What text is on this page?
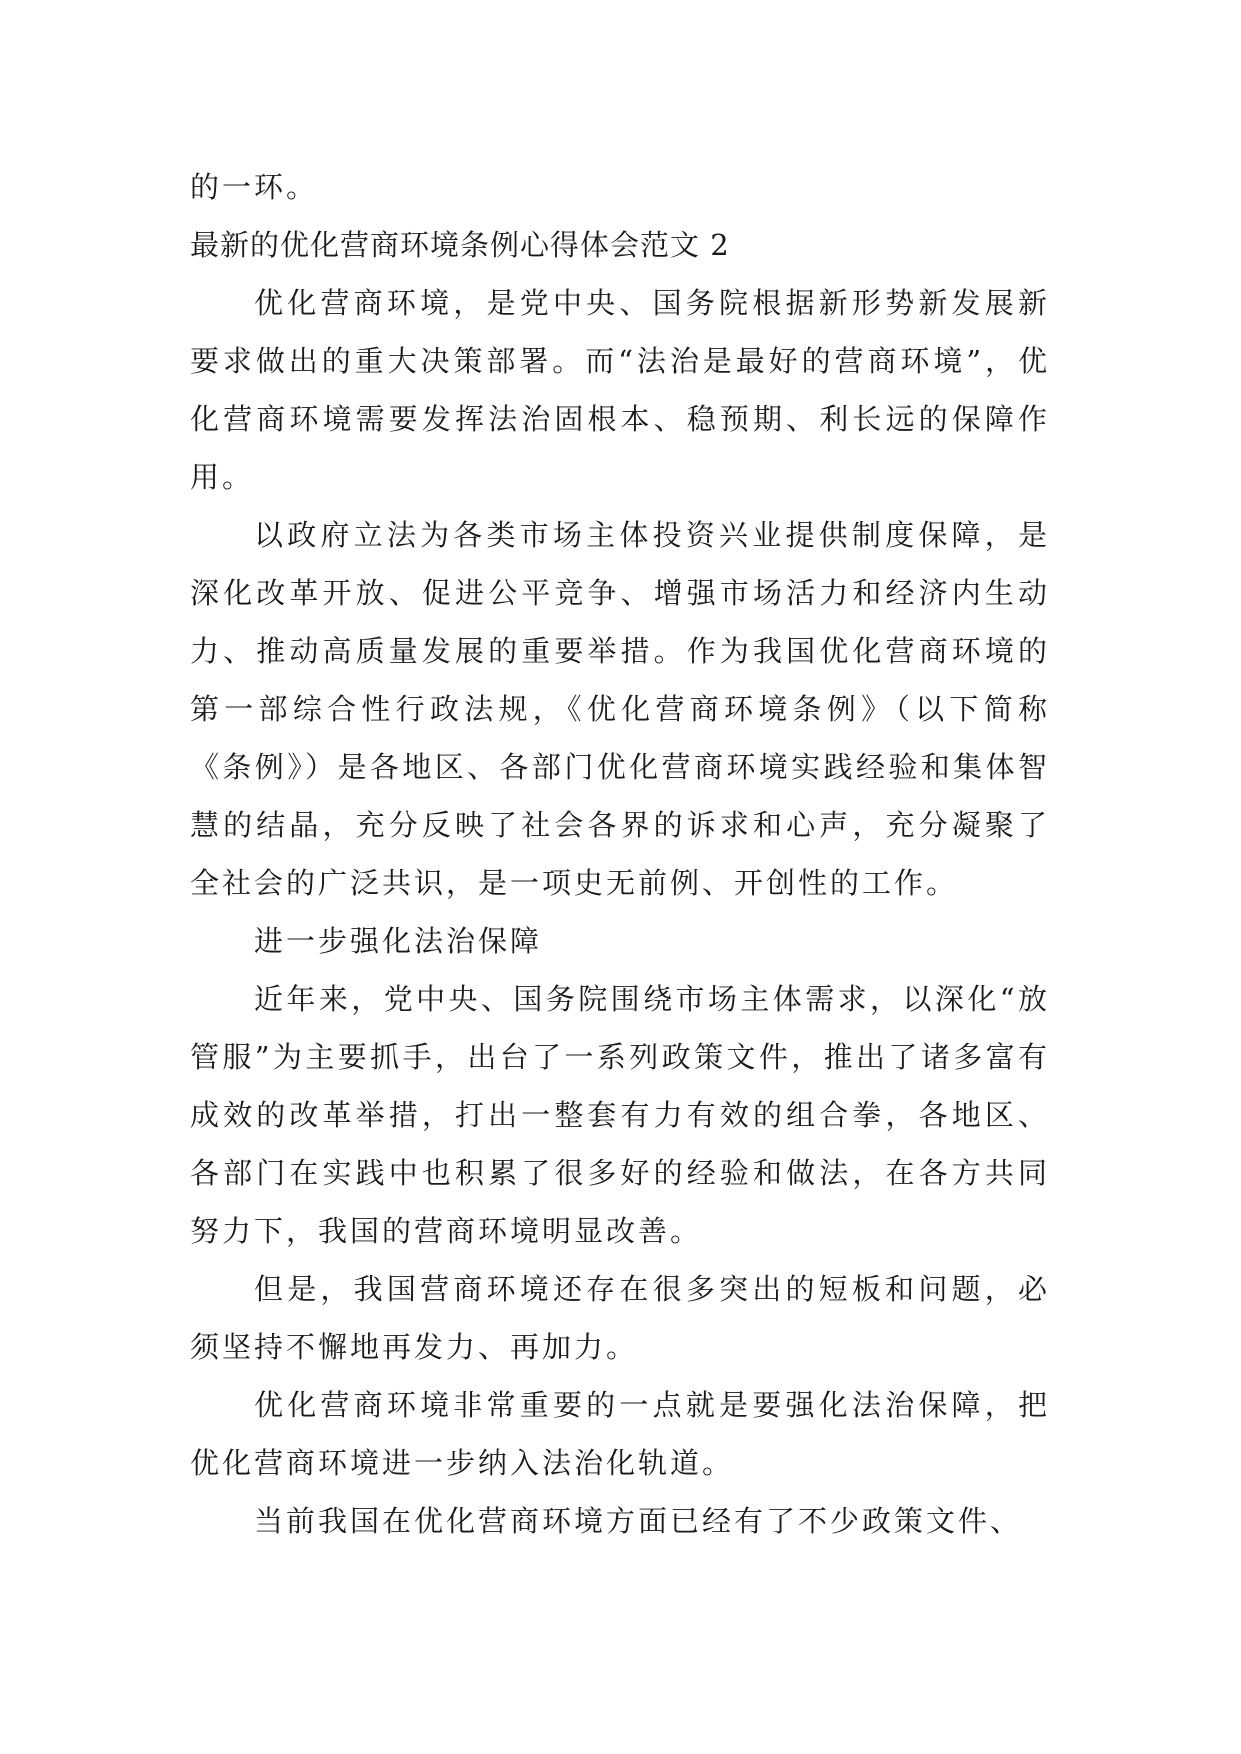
的一环。

最新的优化营商环境条例心得体会范文 2

优化营商环境，是党中央、国务院根据新形势新发展新要求做出的重大决策部署。而“法治是最好的营商环境”，优化营商环境需要发挥法治固根本、稳预期、利长远的保障作用。

以政府立法为各类市场主体投资兴业提供制度保障，是深化改革开放、促进公平竞争、增强市场活力和经济内生动力、推动高质量发展的重要举措。作为我国优化营商环境的第一部综合性行政法规，《优化营商环境条例》（以下简称《条例》）是各地区、各部门优化营商环境实践经验和集体智慧的结晶，充分反映了社会各界的诉求和心声，充分凝聚了全社会的广泛共识，是一项史无前例、开创性的工作。

进一步强化法治保障

近年来，党中央、国务院围绕市场主体需求，以深化“放管服”为主要抓手，出台了一系列政策文件，推出了诸多富有成效的改革举措，打出一整套有力有效的组合拳，各地区、各部门在实践中也积累了很多好的经验和做法，在各方共同努力下，我国的营商环境明显改善。

但是，我国营商环境还存在很多突出的短板和问题，必须坚持不懈地再发力、再加力。

优化营商环境非常重要的一点就是要强化法治保障，把优化营商环境进一步纳入法治化轨道。

当前我国在优化营商环境方面已经有了不少政策文件、
